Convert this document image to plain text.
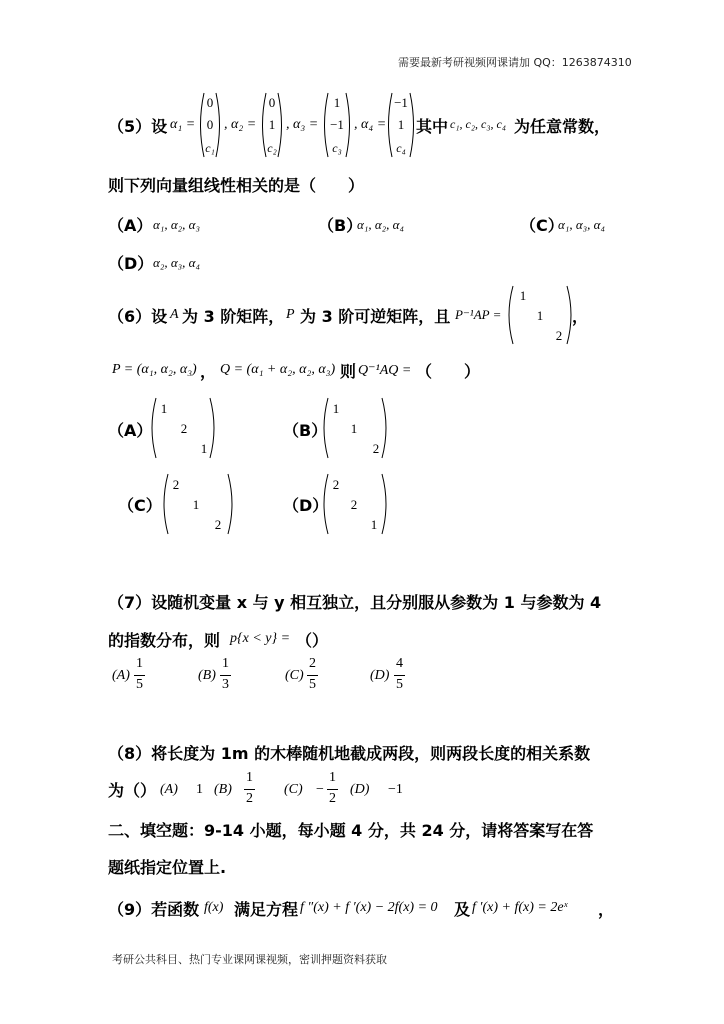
需要最新考研视频网课请加 QQ：1263874310
（5）设 α₁ =
0
0
c₁
, α₂ =
0
1
c₂
, α₃ =
1
−1
c₃
, α₄ =
−1
1
c₄
其中 c₁, c₂, c₃, c₄ 为任意常数，
则下列向量组线性相关的是（　　）
（A） α₁, α₂, α₃	（B）
α₁, α₂, α₄	（C）
α₁, α₃, α₄
（D） α₂, α₃, α₄
（6）设 A 为 3 阶矩阵， P 为 3 阶可逆矩阵，且 P⁻¹AP =
1
1
2
，
P = (α₁, α₂, α₃) ， Q = (α₁ + α₂, α₂, α₃) 则 Q⁻¹AQ = （　　）
（A）
1
2
1
（B）
1
1
2
（C）
2
1
2
（D）
2
2
1
（7）设随机变量 x 与 y 相互独立，且分别服从参数为 1 与参数为 4
的指数分布，则 p{x < y} = （）
(A)
1
5
(B)
1
3
(C)
2
5
(D)
4
5
（8）将长度为 1m 的木棒随机地截成两段，则两段长度的相关系数
为（） (A) 1 (B)
1
2
(C) −
1
2
(D) −1
二、填空题：9-14 小题，每小题 4 分，共 24 分，请将答案写在答
题纸指定位置上.
（9）若函数 f(x) 满足方程 f ″(x) + f ′(x) − 2f(x) = 0 及 f ′(x) + f(x) = 2eˣ ，
考研公共科目、热门专业课网课视频，密训押题资料获取
